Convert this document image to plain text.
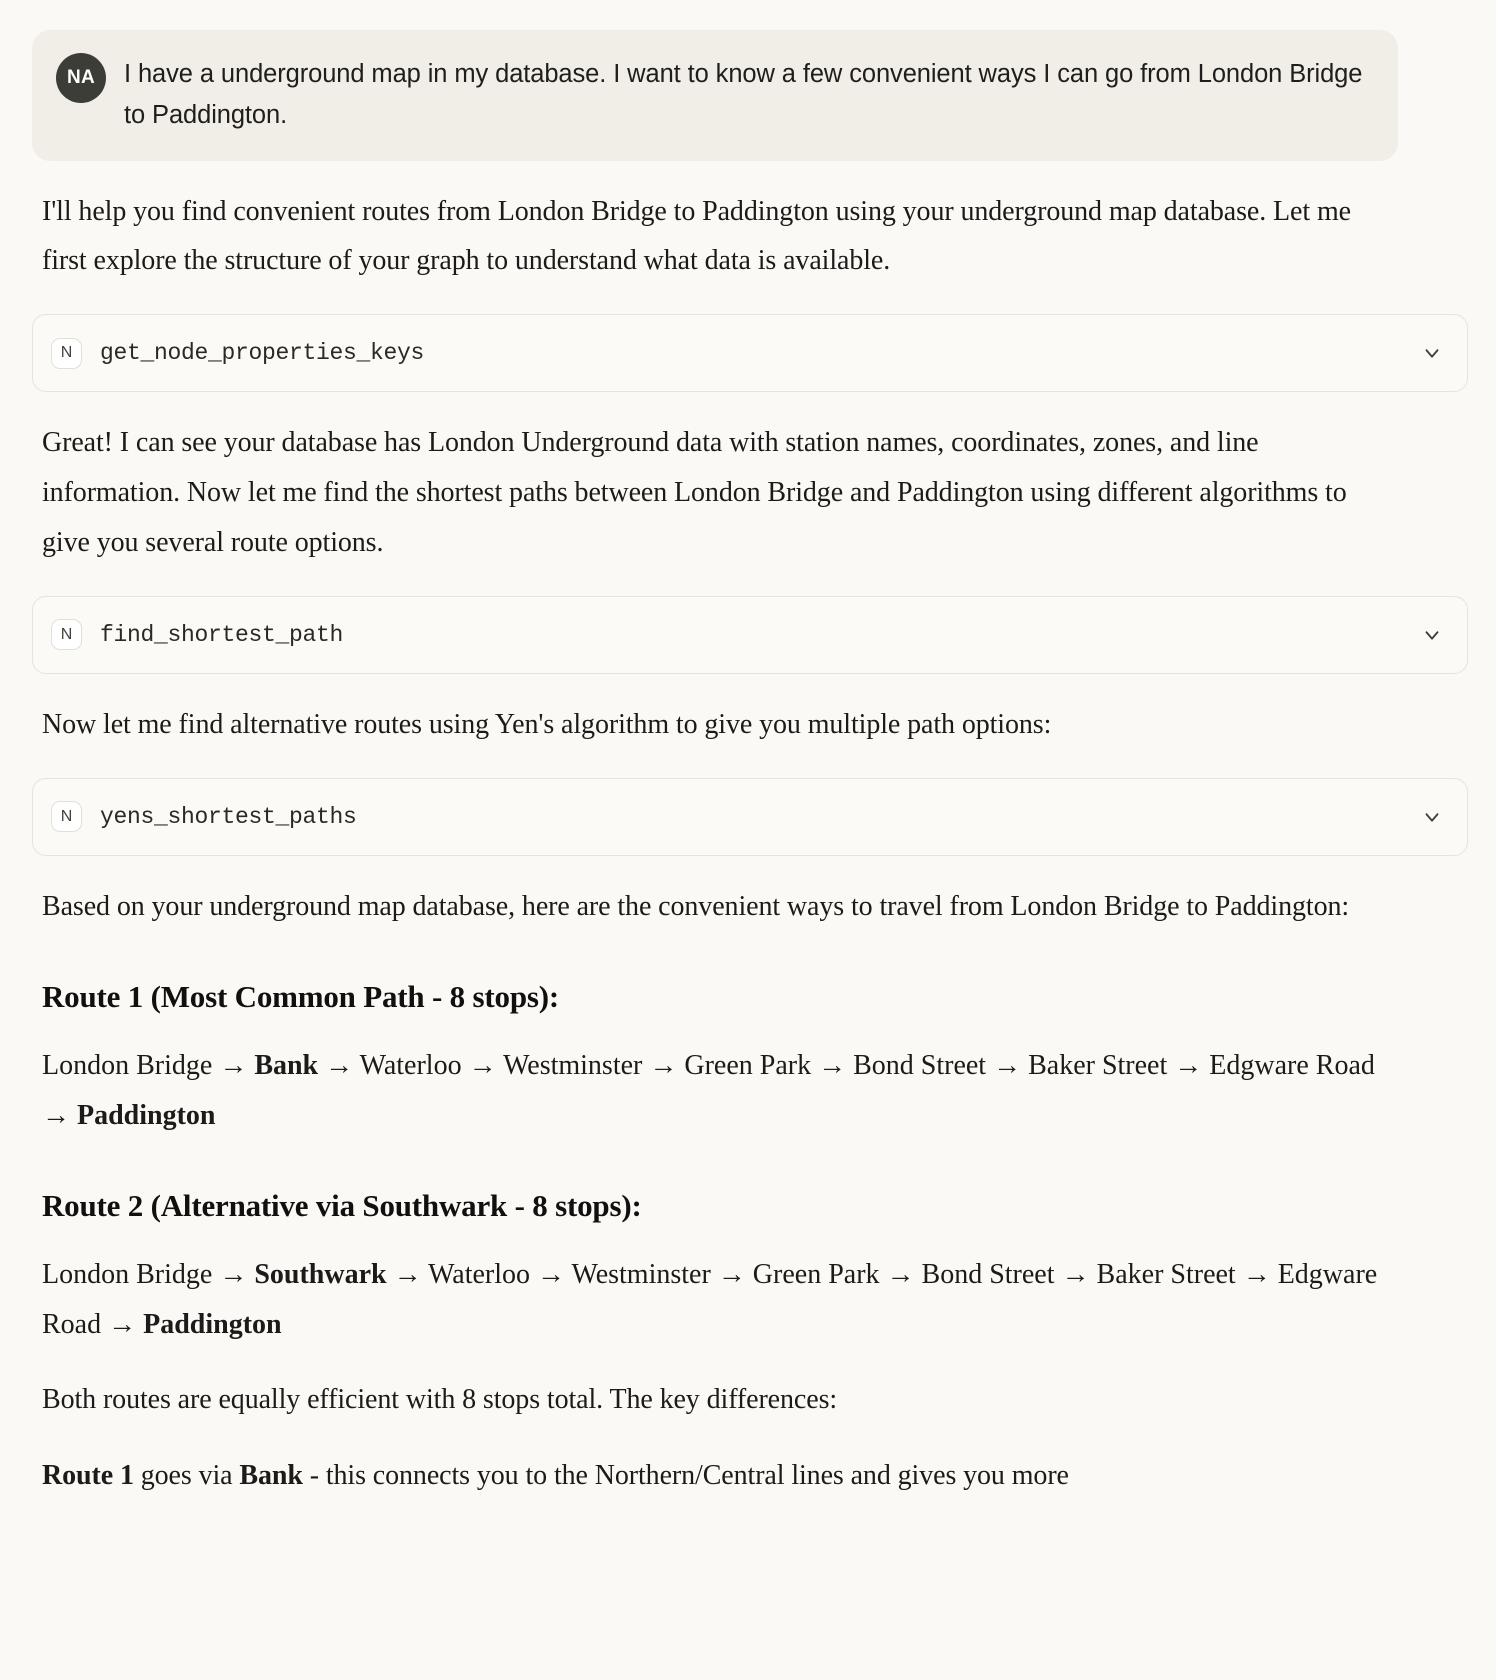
NA	I have a underground map in my database. I want to know a few convenient ways I can go from London Bridge to Paddington.

I'll help you find convenient routes from London Bridge to Paddington using your underground map database. Let me first explore the structure of your graph to understand what data is available.

N	get_node_properties_keys

Great! I can see your database has London Underground data with station names, coordinates, zones, and line information. Now let me find the shortest paths between London Bridge and Paddington using different algorithms to give you several route options.

N	find_shortest_path

Now let me find alternative routes using Yen's algorithm to give you multiple path options:

N	yens_shortest_paths

Based on your underground map database, here are the convenient ways to travel from London Bridge to Paddington:

Route 1 (Most Common Path - 8 stops):

London Bridge → Bank → Waterloo → Westminster → Green Park → Bond Street → Baker Street → Edgware Road → Paddington

Route 2 (Alternative via Southwark - 8 stops):

London Bridge → Southwark → Waterloo → Westminster → Green Park → Bond Street → Baker Street → Edgware Road → Paddington

Both routes are equally efficient with 8 stops total. The key differences:

Route 1 goes via Bank - this connects you to the Northern/Central lines and gives you more
